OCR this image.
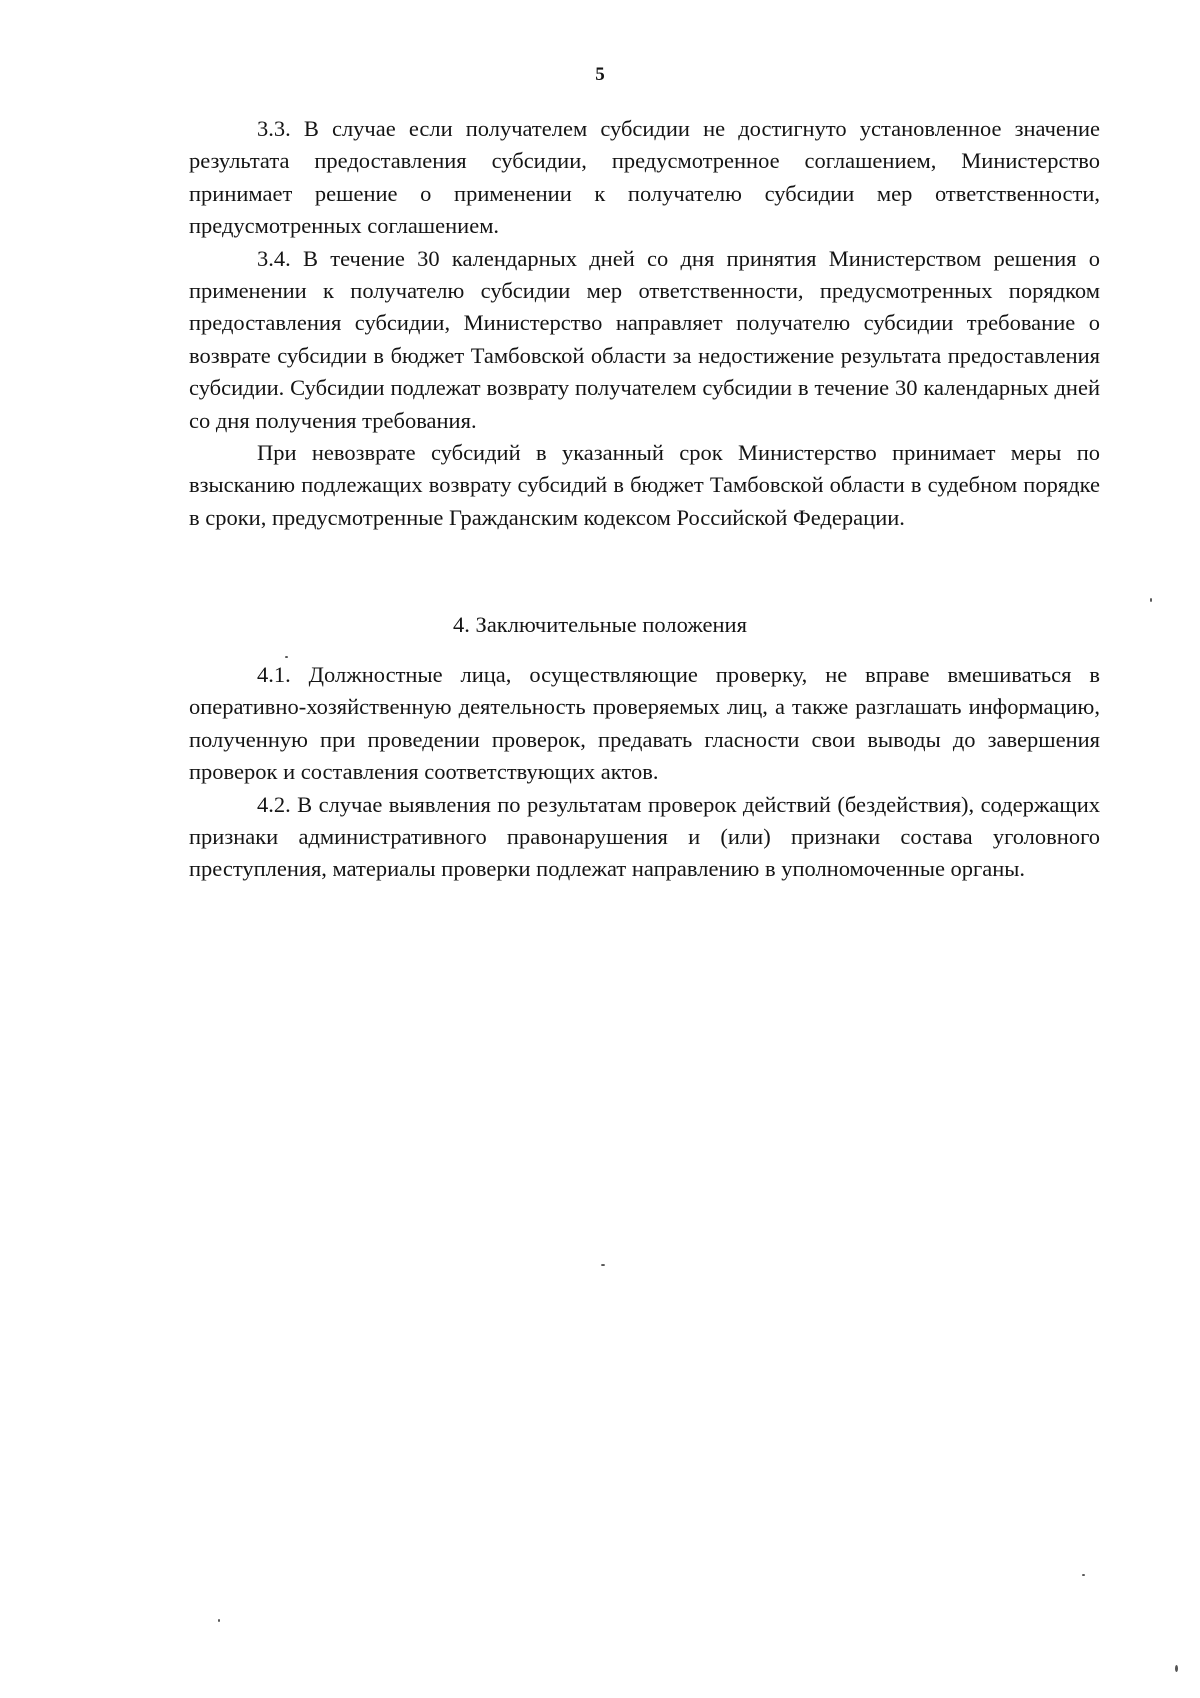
5

3.3. В случае если получателем субсидии не достигнуто установленное значение результата предоставления субсидии, предусмотренное соглашением, Министерство принимает решение о применении к получателю субсидии мер ответственности, предусмотренных соглашением.

3.4. В течение 30 календарных дней со дня принятия Министерством решения о применении к получателю субсидии мер ответственности, предусмотренных порядком предоставления субсидии, Министерство направляет получателю субсидии требование о возврате субсидии в бюджет Тамбовской области за недостижение результата предоставления субсидии. Субсидии подлежат возврату получателем субсидии в течение 30 календарных дней со дня получения требования.

При невозврате субсидий в указанный срок Министерство принимает меры по взысканию подлежащих возврату субсидий в бюджет Тамбовской области в судебном порядке в сроки, предусмотренные Гражданским кодексом Российской Федерации.

4. Заключительные положения

4.1. Должностные лица, осуществляющие проверку, не вправе вмешиваться в оперативно-хозяйственную деятельность проверяемых лиц, а также разглашать информацию, полученную при проведении проверок, предавать гласности свои выводы до завершения проверок и составления соответствующих актов.

4.2. В случае выявления по результатам проверок действий (бездействия), содержащих признаки административного правонарушения и (или) признаки состава уголовного преступления, материалы проверки подлежат направлению в уполномоченные органы.
